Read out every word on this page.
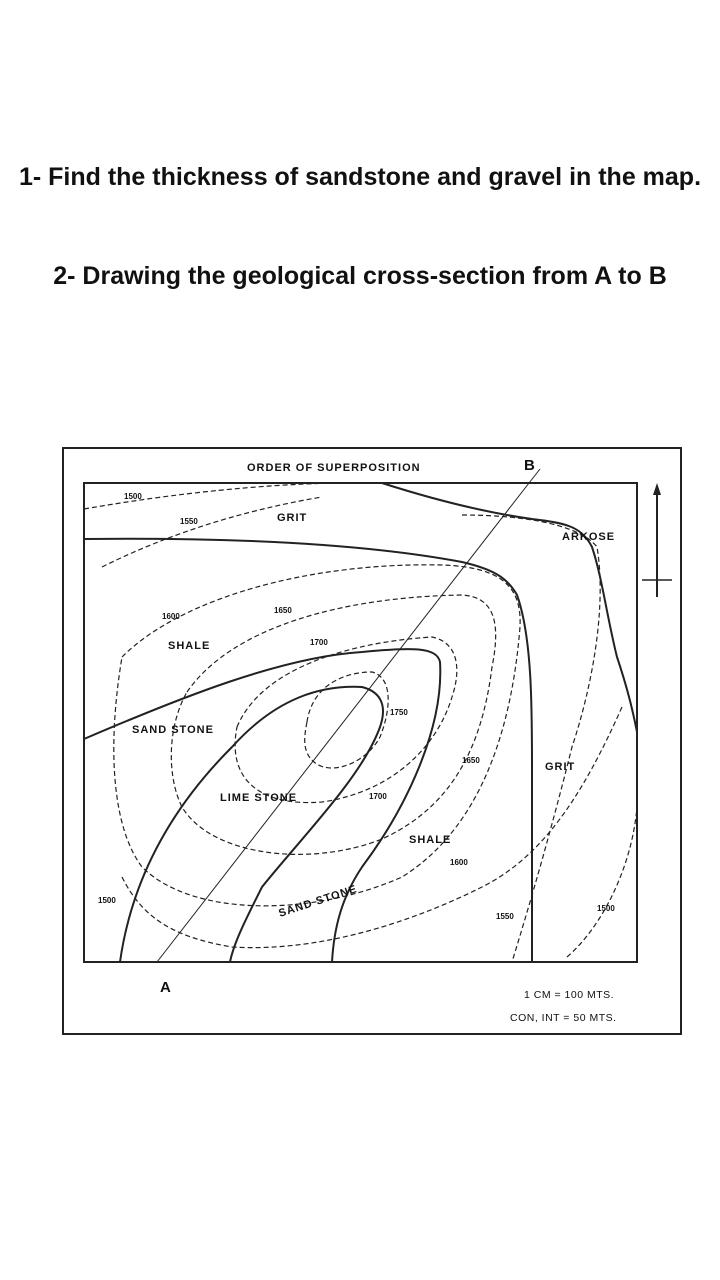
1- Find the thickness of sandstone and gravel in the map.
2- Drawing the geological cross-section from A to B
ORDER OF SUPERPOSITION	B
A
GRIT
ARKOSE
SHALE
SAND STONE
LIME STONE
GRIT
SHALE
SAND STONE
1500
1550
1600
1650
1700
1750
1650
1700
1600
1500
1550
1500
1 CM = 100 MTS.
CON, INT = 50 MTS.
